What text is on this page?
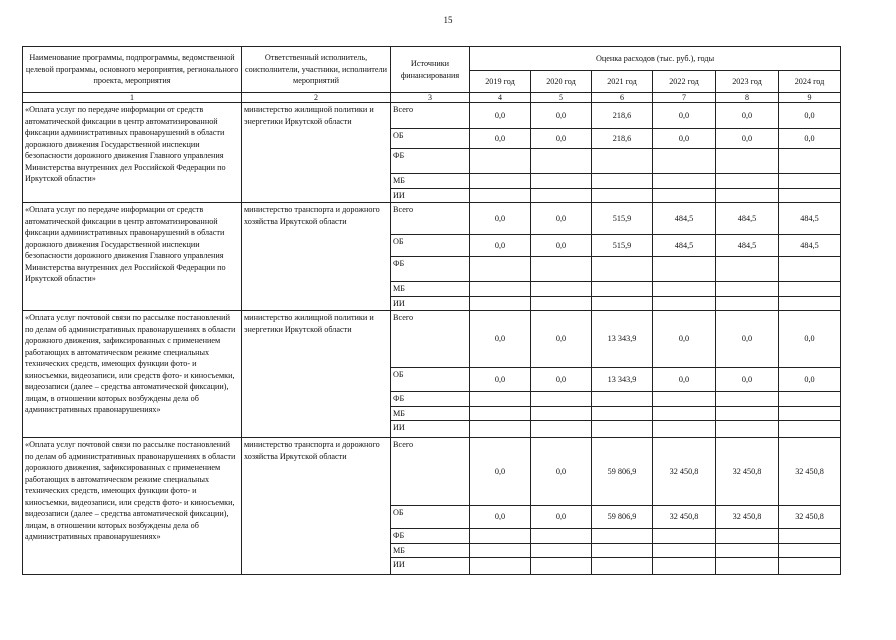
15
Наименование программы, подпрограммы, ведомственной целевой программы, основного мероприятия, регионального проекта, мероприятия	Ответственный исполнитель, соисполнители, участники, исполнители мероприятий	Источники финансирования	Оценка расходов (тыс. руб.), годы					
			2019 год	2020 год	2021 год	2022 год	2023 год	2024 год
1	2	3	4	5	6	7	8	9
«Оплата услуг по передаче информации от средств автоматической фиксации в центр автоматизированной фиксации административных правонарушений в области дорожного движения Государственной инспекции безопасности дорожного движения Главного управления Министерства внутренних дел Российской Федерации по Иркутской области»	министерство жилищной политики и энергетики Иркутской области	Всего	0,0	0,0	218,6	0,0	0,0	0,0
		ОБ	0,0	0,0	218,6	0,0	0,0	0,0
		ФБ						
		МБ						
		ИИ						
«Оплата услуг по передаче информации от средств автоматической фиксации в центр автоматизированной фиксации административных правонарушений в области дорожного движения Государственной инспекции безопасности дорожного движения Главного управления Министерства внутренних дел Российской Федерации по Иркутской области»	министерство транспорта и дорожного хозяйства Иркутской области	Всего	0,0	0,0	515,9	484,5	484,5	484,5
		ОБ	0,0	0,0	515,9	484,5	484,5	484,5
		ФБ						
		МБ						
		ИИ						
«Оплата услуг почтовой связи по рассылке постановлений по делам об административных правонарушениях в области дорожного движения, зафиксированных с применением работающих в автоматическом режиме специальных технических средств, имеющих функции фото- и киносъемки, видеозаписи, или средств фото- и киносъемки, видеозаписи (далее – средства автоматической фиксации), лицам, в отношении которых возбуждены дела об административных правонарушениях»	министерство жилищной политики и энергетики Иркутской области	Всего	0,0	0,0	13 343,9	0,0	0,0	0,0
		ОБ	0,0	0,0	13 343,9	0,0	0,0	0,0
		ФБ						
		МБ						
		ИИ						
«Оплата услуг почтовой связи по рассылке постановлений по делам об административных правонарушениях в области дорожного движения, зафиксированных с применением работающих в автоматическом режиме специальных технических средств, имеющих функции фото- и киносъемки, видеозаписи, или средств фото- и киносъемки, видеозаписи (далее – средства автоматической фиксации), лицам, в отношении которых возбуждены дела об административных правонарушениях»	министерство транспорта и дорожного хозяйства Иркутской области	Всего	0,0	0,0	59 806,9	32 450,8	32 450,8	32 450,8
		ОБ	0,0	0,0	59 806,9	32 450,8	32 450,8	32 450,8
		ФБ						
		МБ						
		ИИ						
